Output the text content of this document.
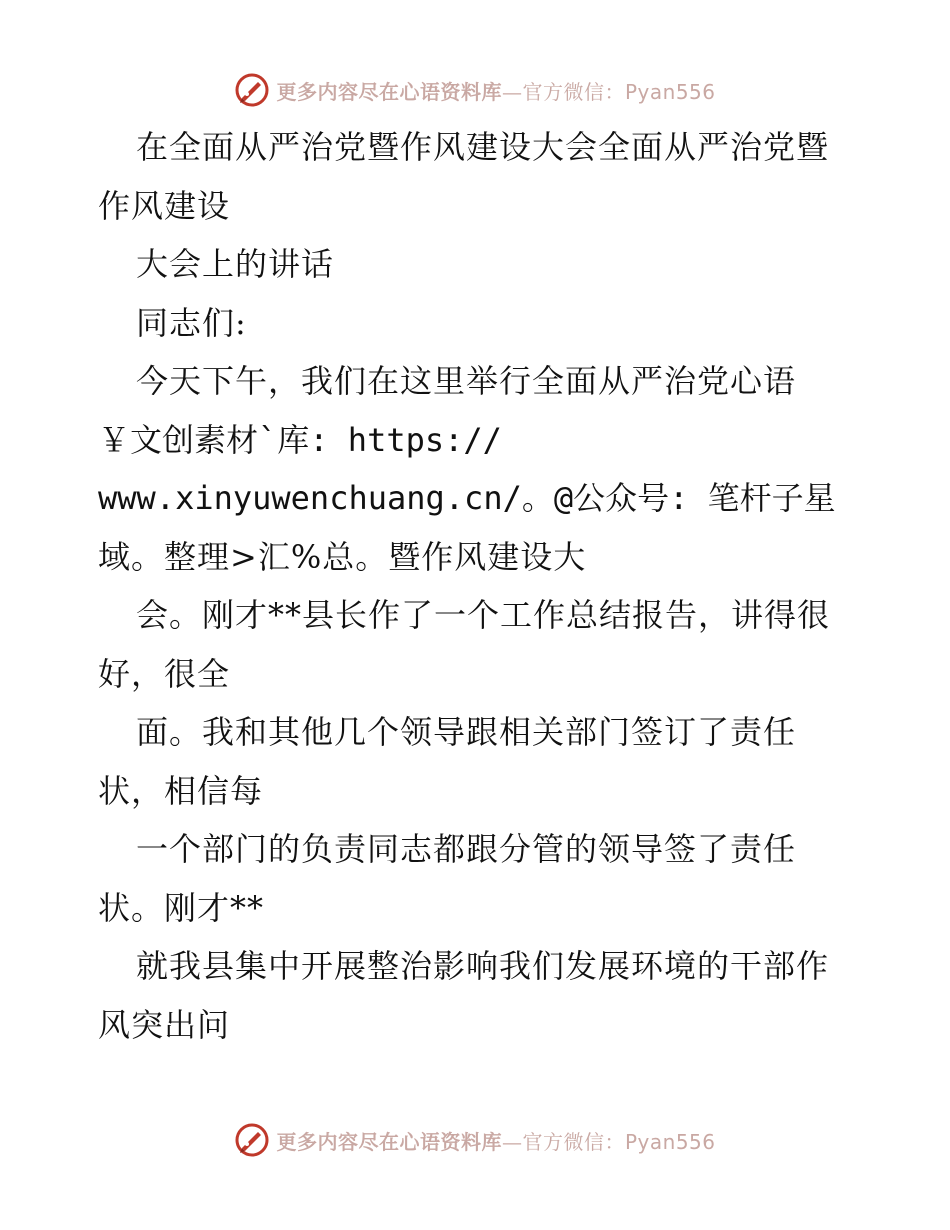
更多内容尽在心语资料库—官方微信：Pyan556
在全面从严治党暨作风建设大会全面从严治党暨
作风建设
大会上的讲话
同志们:
今天下午，我们在这里举行全面从严治党心语
￥文创素材`库: https://
www.xinyuwenchuang.cn/。@公众号: 笔杆子星
域。整理>汇%总。暨作风建设大
会。刚才**县长作了一个工作总结报告，讲得很
好，很全
面。我和其他几个领导跟相关部门签订了责任
状，相信每
一个部门的负责同志都跟分管的领导签了责任
状。刚才**
就我县集中开展整治影响我们发展环境的干部作
风突出问
更多内容尽在心语资料库—官方微信：Pyan556
